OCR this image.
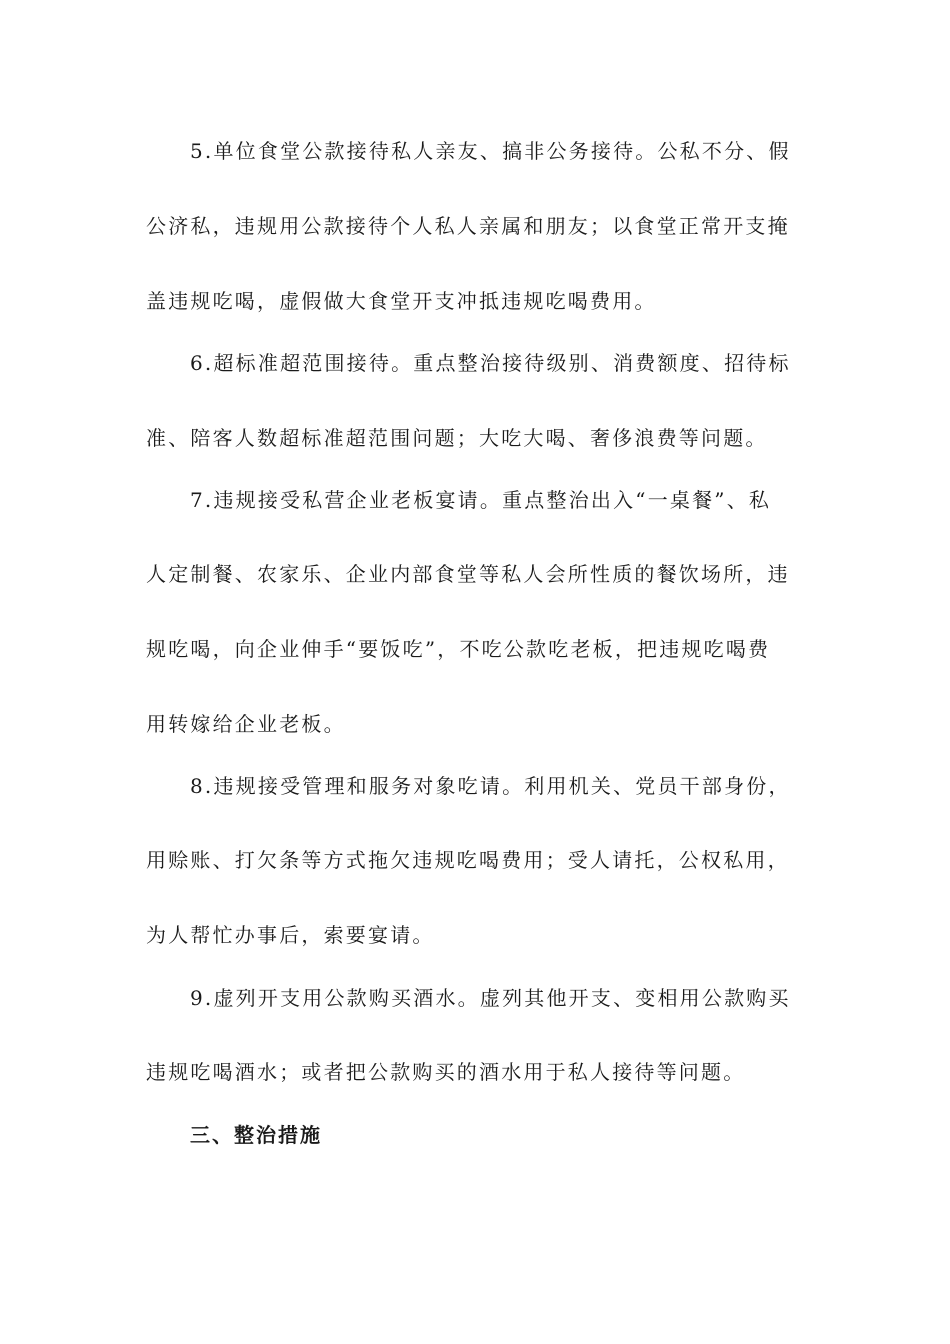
5.单位食堂公款接待私人亲友、搞非公务接待。公私不分、假
公济私，违规用公款接待个人私人亲属和朋友；以食堂正常开支掩
盖违规吃喝，虚假做大食堂开支冲抵违规吃喝费用。
6.超标准超范围接待。重点整治接待级别、消费额度、招待标
准、陪客人数超标准超范围问题；大吃大喝、奢侈浪费等问题。
7.违规接受私营企业老板宴请。重点整治出入“一桌餐”、私
人定制餐、农家乐、企业内部食堂等私人会所性质的餐饮场所，违
规吃喝，向企业伸手“要饭吃”，不吃公款吃老板，把违规吃喝费
用转嫁给企业老板。
8.违规接受管理和服务对象吃请。利用机关、党员干部身份，
用赊账、打欠条等方式拖欠违规吃喝费用；受人请托，公权私用，
为人帮忙办事后，索要宴请。
9.虚列开支用公款购买酒水。虚列其他开支、变相用公款购买
违规吃喝酒水；或者把公款购买的酒水用于私人接待等问题。
三、整治措施
